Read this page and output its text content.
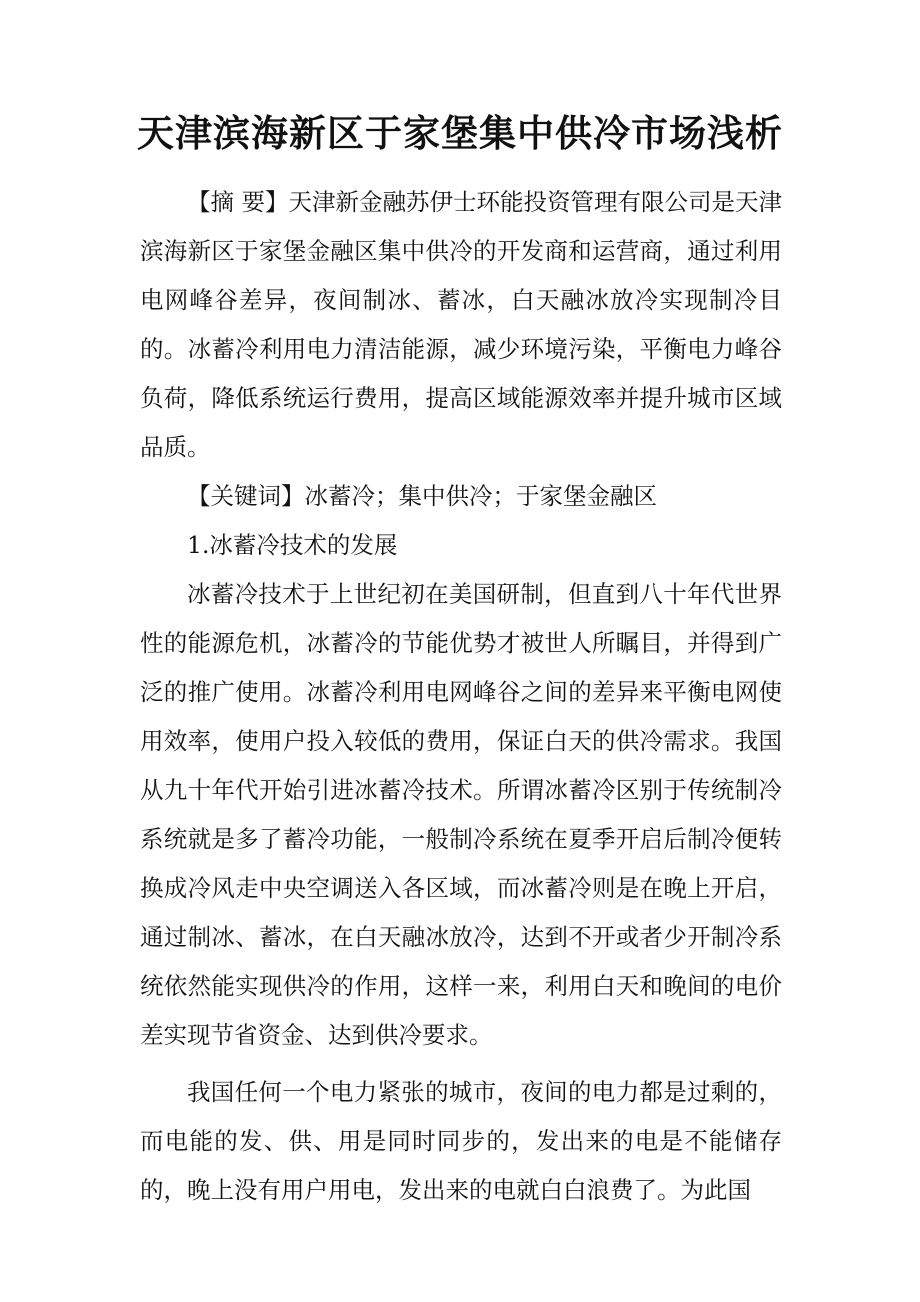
天津滨海新区于家堡集中供冷市场浅析

【摘 要】天津新金融苏伊士环能投资管理有限公司是天津滨海新区于家堡金融区集中供冷的开发商和运营商，通过利用电网峰谷差异，夜间制冰、蓄冰，白天融冰放冷实现制冷目的。冰蓄冷利用电力清洁能源，减少环境污染，平衡电力峰谷负荷，降低系统运行费用，提高区域能源效率并提升城市区域品质。

【关键词】冰蓄冷；集中供冷；于家堡金融区

1.冰蓄冷技术的发展

冰蓄冷技术于上世纪初在美国研制，但直到八十年代世界性的能源危机，冰蓄冷的节能优势才被世人所瞩目，并得到广泛的推广使用。冰蓄冷利用电网峰谷之间的差异来平衡电网使用效率，使用户投入较低的费用，保证白天的供冷需求。我国从九十年代开始引进冰蓄冷技术。所谓冰蓄冷区别于传统制冷系统就是多了蓄冷功能，一般制冷系统在夏季开启后制冷便转换成冷风走中央空调送入各区域，而冰蓄冷则是在晚上开启，通过制冰、蓄冰，在白天融冰放冷，达到不开或者少开制冷系统依然能实现供冷的作用，这样一来，利用白天和晚间的电价差实现节省资金、达到供冷要求。

我国任何一个电力紧张的城市，夜间的电力都是过剩的，而电能的发、供、用是同时同步的，发出来的电是不能储存的，晚上没有用户用电，发出来的电就白白浪费了。为此国
